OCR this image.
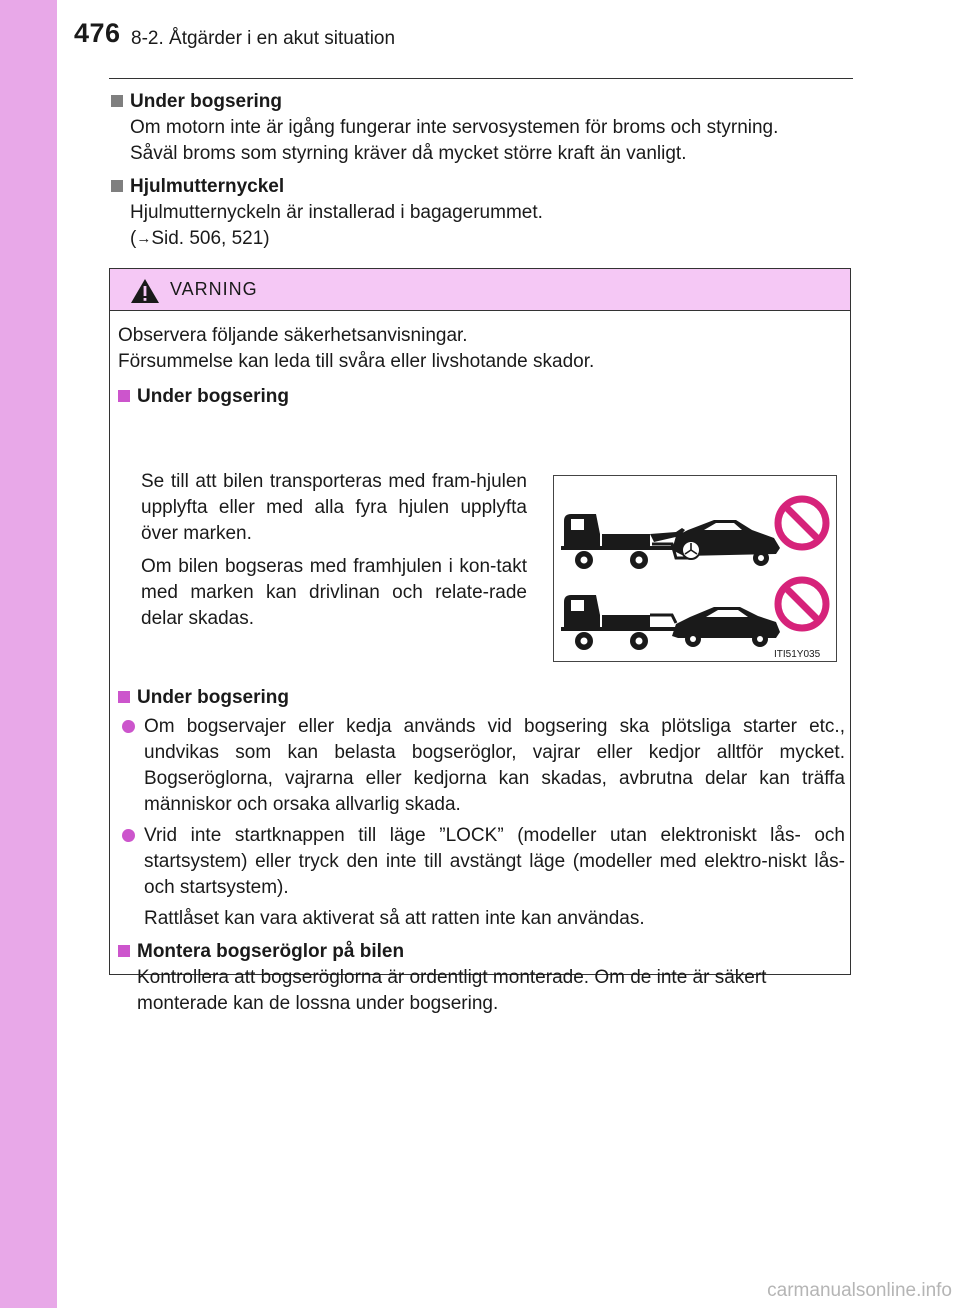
476 8-2. Åtgärder i en akut situation
Under bogsering
Om motorn inte är igång fungerar inte servosystemen för broms och styrning.
Såväl broms som styrning kräver då mycket större kraft än vanligt.
Hjulmutternyckel
Hjulmutternyckeln är installerad i bagagerummet.
(→Sid. 506, 521)
VARNING
Observera följande säkerhetsanvisningar.
Försummelse kan leda till svåra eller livshotande skador.
Under bogsering
Se till att bilen transporteras med fram-hjulen upplyfta eller med alla fyra hjulen upplyfta över marken.
Om bilen bogseras med framhjulen i kon-takt med marken kan drivlinan och relate-rade delar skadas.
ITI51Y035
Under bogsering
Om bogservajer eller kedja används vid bogsering ska plötsliga starter etc., undvikas som kan belasta bogseröglor, vajrar eller kedjor alltför mycket. Bogseröglorna, vajrarna eller kedjorna kan skadas, avbrutna delar kan träffa människor och orsaka allvarlig skada.
Vrid inte startknappen till läge ”LOCK” (modeller utan elektroniskt lås- och startsystem) eller tryck den inte till avstängt läge (modeller med elektro-niskt lås- och startsystem).
Rattlåset kan vara aktiverat så att ratten inte kan användas.
Montera bogseröglor på bilen
Kontrollera att bogseröglorna är ordentligt monterade. Om de inte är säkert monterade kan de lossna under bogsering.
carmanualsonline.info
